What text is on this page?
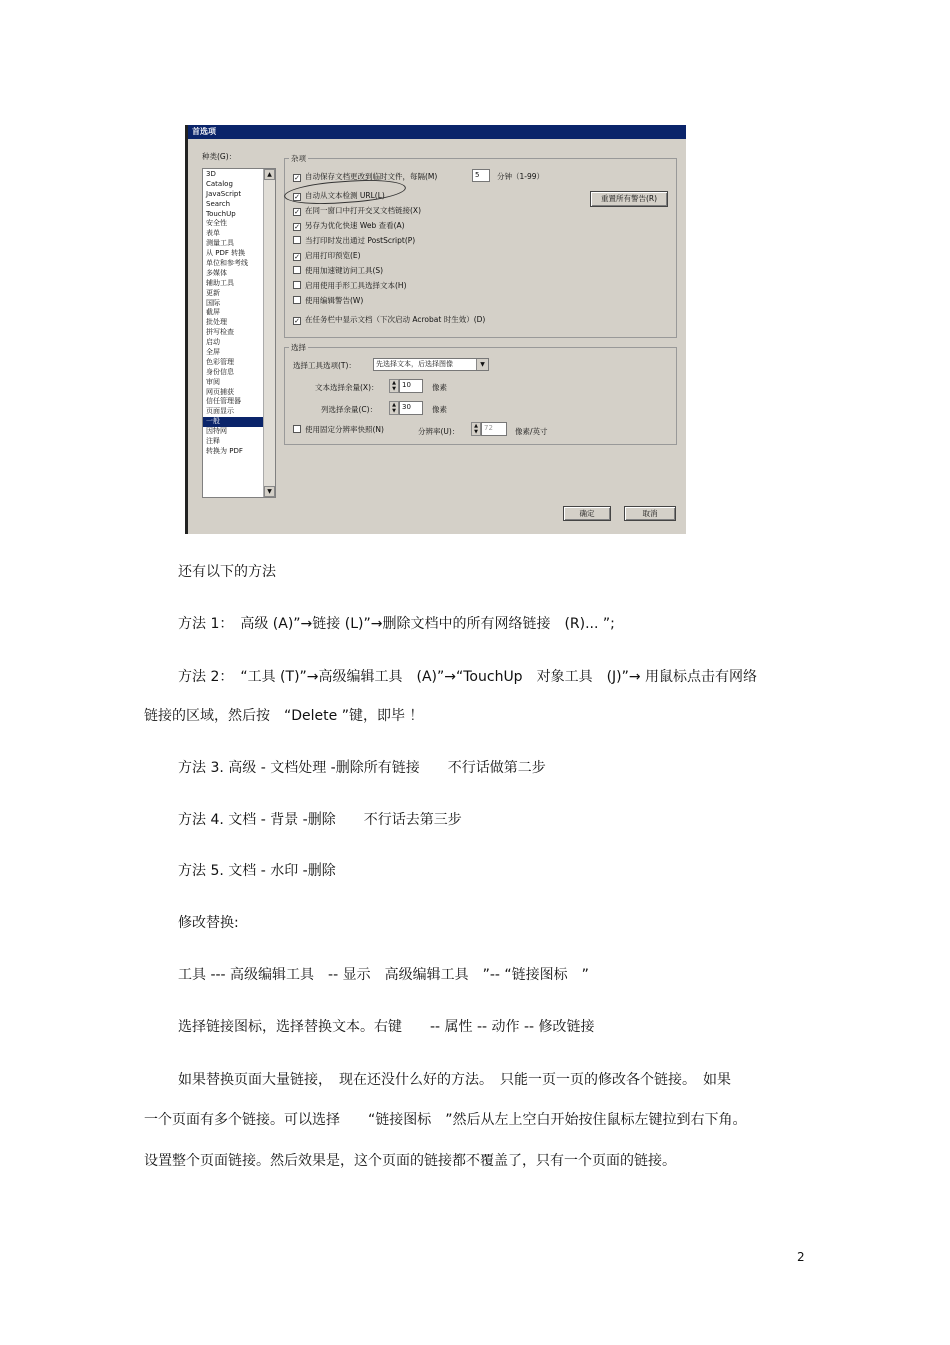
首选项
种类(G)：
3D
Catalog
JavaScript
Search
TouchUp
安全性
表单
测量工具
从 PDF 转换
单位和参考线
多媒体
辅助工具
更新
国际
截屏
批处理
拼写检查
启动
全屏
色彩管理
身份信息
审阅
网页捕获
信任管理器
页面显示
一般
因特网
注释
转换为 PDF
▲
▼
杂项
✓ 自动保存文档更改到临时文件，每隔(M)
✓ 自动从文本检测 URL(L)
✓ 在同一窗口中打开交叉文档链接(X)
✓ 另存为优化快速 Web 查看(A)
当打印时发出通过 PostScript(P)
✓ 启用打印预览(E)
使用加速键访问工具(S)
启用使用手形工具选择文本(H)
使用编辑警告(W)
✓ 在任务栏中显示文档（下次启动 Acrobat 时生效）(D)
5	分钟（1-99）
重置所有警告(R)
选择
选择工具选项(T)：	先选择文本，后选择图像	▼
文本选择余量(X)：	▲
▼ 10	像素
列选择余量(C)：	▲
▼ 30	像素
使用固定分辨率快照(N)	分辨率(U)：
▲
▼ 72	像素/英寸
确定	取消
还有以下的方法
方法 1：　高级 (A)”→链接 (L)”→删除文档中的所有网络链接　(R)... ”;
方法 2：　“工具 (T)”→高级编辑工具　(A)”→“TouchUp　对象工具　(J)”→ 用鼠标点击有网络
链接的区域，然后按　“Delete ”键，即毕 ！
方法 3. 高级 - 文档处理 -删除所有链接　　不行话做第二步
方法 4. 文档 - 背景 -删除　　不行话去第三步
方法 5. 文档 - 水印 -删除
修改替换:
工具 --- 高级编辑工具　-- 显示　高级编辑工具　”-- “链接图标　”
选择链接图标，选择替换文本。右键　　-- 属性 -- 动作 -- 修改链接
如果替换页面大量链接，　现在还没什么好的方法。　只能一页一页的修改各个链接。　如果
一个页面有多个链接。可以选择　　“链接图标　”然后从左上空白开始按住鼠标左键拉到右下角。
设置整个页面链接。然后效果是，这个页面的链接都不覆盖了，只有一个页面的链接。
2
